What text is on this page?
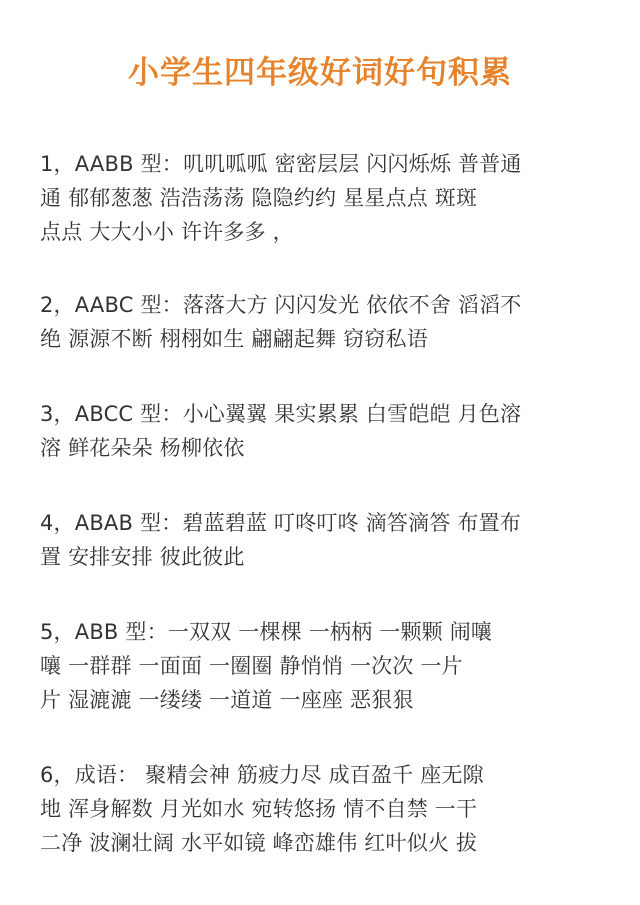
小学生四年级好词好句积累
1，AABB 型：叽叽呱呱 密密层层 闪闪烁烁 普普通
通 郁郁葱葱 浩浩荡荡 隐隐约约 星星点点 斑斑
点点 大大小小 许许多多 ，
2，AABC 型：落落大方 闪闪发光 依依不舍 滔滔不
绝 源源不断 栩栩如生 翩翩起舞 窃窃私语
3，ABCC 型：小心翼翼 果实累累 白雪皑皑 月色溶
溶 鲜花朵朵 杨柳依依
4，ABAB 型：碧蓝碧蓝 叮咚叮咚 滴答滴答 布置布
置 安排安排 彼此彼此
5，ABB 型：一双双 一棵棵 一柄柄 一颗颗 闹嚷
嚷 一群群 一面面 一圈圈 静悄悄 一次次 一片
片 湿漉漉 一缕缕 一道道 一座座 恶狠狠
6，成语： 聚精会神 筋疲力尽 成百盈千 座无隙
地 浑身解数 月光如水 宛转悠扬 情不自禁 一干
二净 波澜壮阔 水平如镜 峰峦雄伟 红叶似火 拔
